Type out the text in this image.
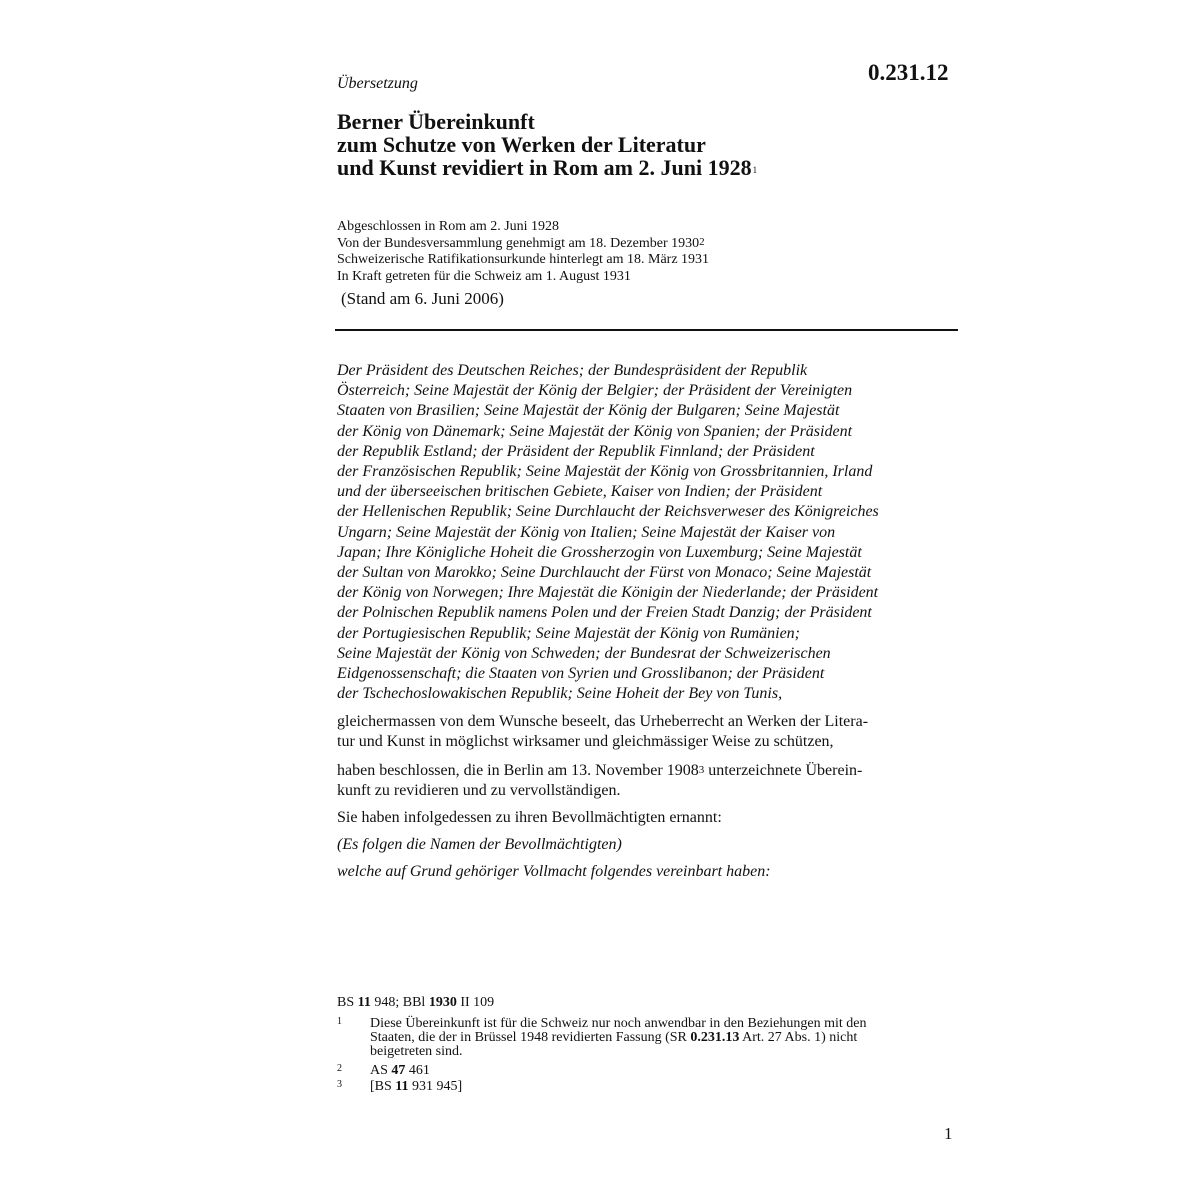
0.231.12
Übersetzung
Berner Übereinkunft
zum Schutze von Werken der Literatur
und Kunst revidiert in Rom am 2. Juni 1928$^1$
Abgeschlossen in Rom am 2. Juni 1928
Von der Bundesversammlung genehmigt am 18. Dezember 1930$^2$
Schweizerische Ratifikationsurkunde hinterlegt am 18. März 1931
In Kraft getreten für die Schweiz am 1. August 1931
(Stand am 6. Juni 2006)
Der Präsident des Deutschen Reiches; der Bundespräsident der Republik
Österreich; Seine Majestät der König der Belgier; der Präsident der Vereinigten
Staaten von Brasilien; Seine Majestät der König der Bulgaren; Seine Majestät
der König von Dänemark; Seine Majestät der König von Spanien; der Präsident
der Republik Estland; der Präsident der Republik Finnland; der Präsident
der Französischen Republik; Seine Majestät der König von Grossbritannien, Irland
und der überseeischen britischen Gebiete, Kaiser von Indien; der Präsident
der Hellenischen Republik; Seine Durchlaucht der Reichsverweser des Königreiches
Ungarn; Seine Majestät der König von Italien; Seine Majestät der Kaiser von
Japan; Ihre Königliche Hoheit die Grossherzogin von Luxemburg; Seine Majestät
der Sultan von Marokko; Seine Durchlaucht der Fürst von Monaco; Seine Majestät
der König von Norwegen; Ihre Majestät die Königin der Niederlande; der Präsident
der Polnischen Republik namens Polen und der Freien Stadt Danzig; der Präsident
der Portugiesischen Republik; Seine Majestät der König von Rumänien;
Seine Majestät der König von Schweden; der Bundesrat der Schweizerischen
Eidgenossenschaft; die Staaten von Syrien und Grosslibanon; der Präsident
der Tschechoslowakischen Republik; Seine Hoheit der Bey von Tunis,
gleichermassen von dem Wunsche beseelt, das Urheberrecht an Werken der Litera-
tur und Kunst in möglichst wirksamer und gleichmässiger Weise zu schützen,
haben beschlossen, die in Berlin am 13. November 1908$^3$ unterzeichnete Überein-
kunft zu revidieren und zu vervollständigen.
Sie haben infolgedessen zu ihren Bevollmächtigten ernannt:
(Es folgen die Namen der Bevollmächtigten)
welche auf Grund gehöriger Vollmacht folgendes vereinbart haben:
BS 11 948; BBl 1930 II 109
1 Diese Übereinkunft ist für die Schweiz nur noch anwendbar in den Beziehungen mit den
Staaten, die der in Brüssel 1948 revidierten Fassung (SR 0.231.13 Art. 27 Abs. 1) nicht
beigetreten sind.
2 AS 47 461
3 [BS 11 931 945]
1
